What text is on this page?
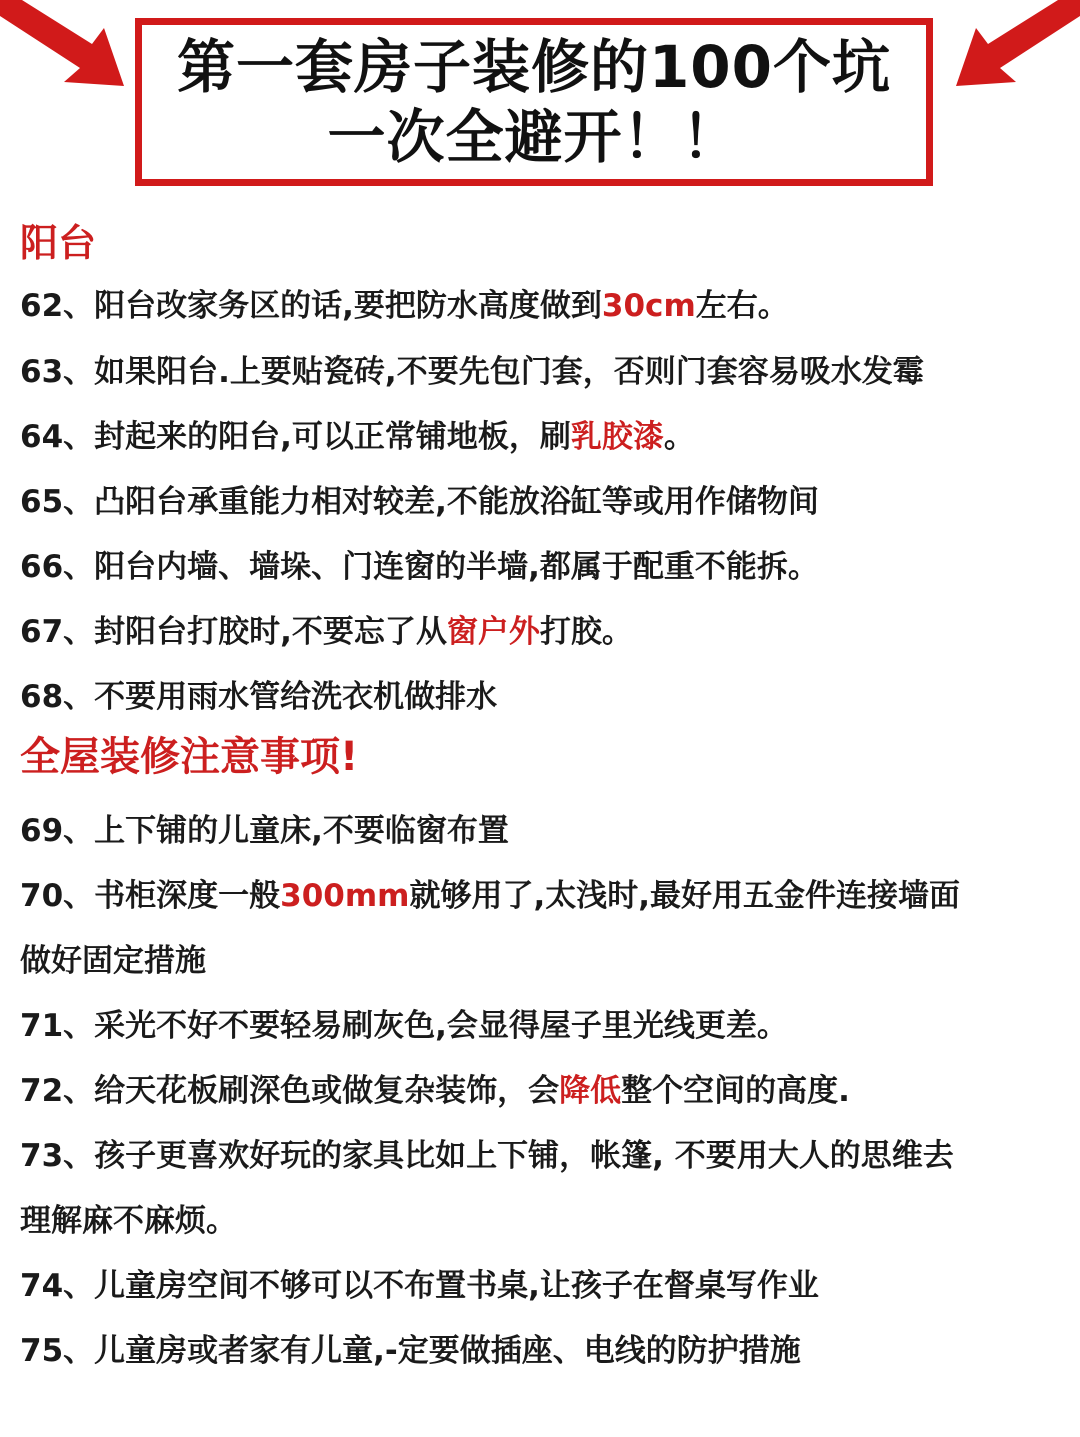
第一套房子装修的100个坑
一次全避开！！
阳台
62、阳台改家务区的话,要把防水高度做到30cm左右。
63、如果阳台.上要贴瓷砖,不要先包门套，否则门套容易吸水发霉
64、封起来的阳台,可以正常铺地板，刷乳胶漆。
65、凸阳台承重能力相对较差,不能放浴缸等或用作储物间
66、阳台内墙、墙垛、门连窗的半墙,都属于配重不能拆。
67、封阳台打胶时,不要忘了从窗户外打胶。
68、不要用雨水管给洗衣机做排水
全屋装修注意事项!
69、上下铺的儿童床,不要临窗布置
70、书柜深度一般300mm就够用了,太浅时,最好用五金件连接墙面
做好固定措施
71、采光不好不要轻易刷灰色,会显得屋子里光线更差。
72、给天花板刷深色或做复杂装饰，会降低整个空间的高度.
73、孩子更喜欢好玩的家具比如上下铺，帐篷, 不要用大人的思维去
理解麻不麻烦。
74、儿童房空间不够可以不布置书桌,让孩子在督桌写作业
75、儿童房或者家有儿童,-定要做插座、电线的防护措施
